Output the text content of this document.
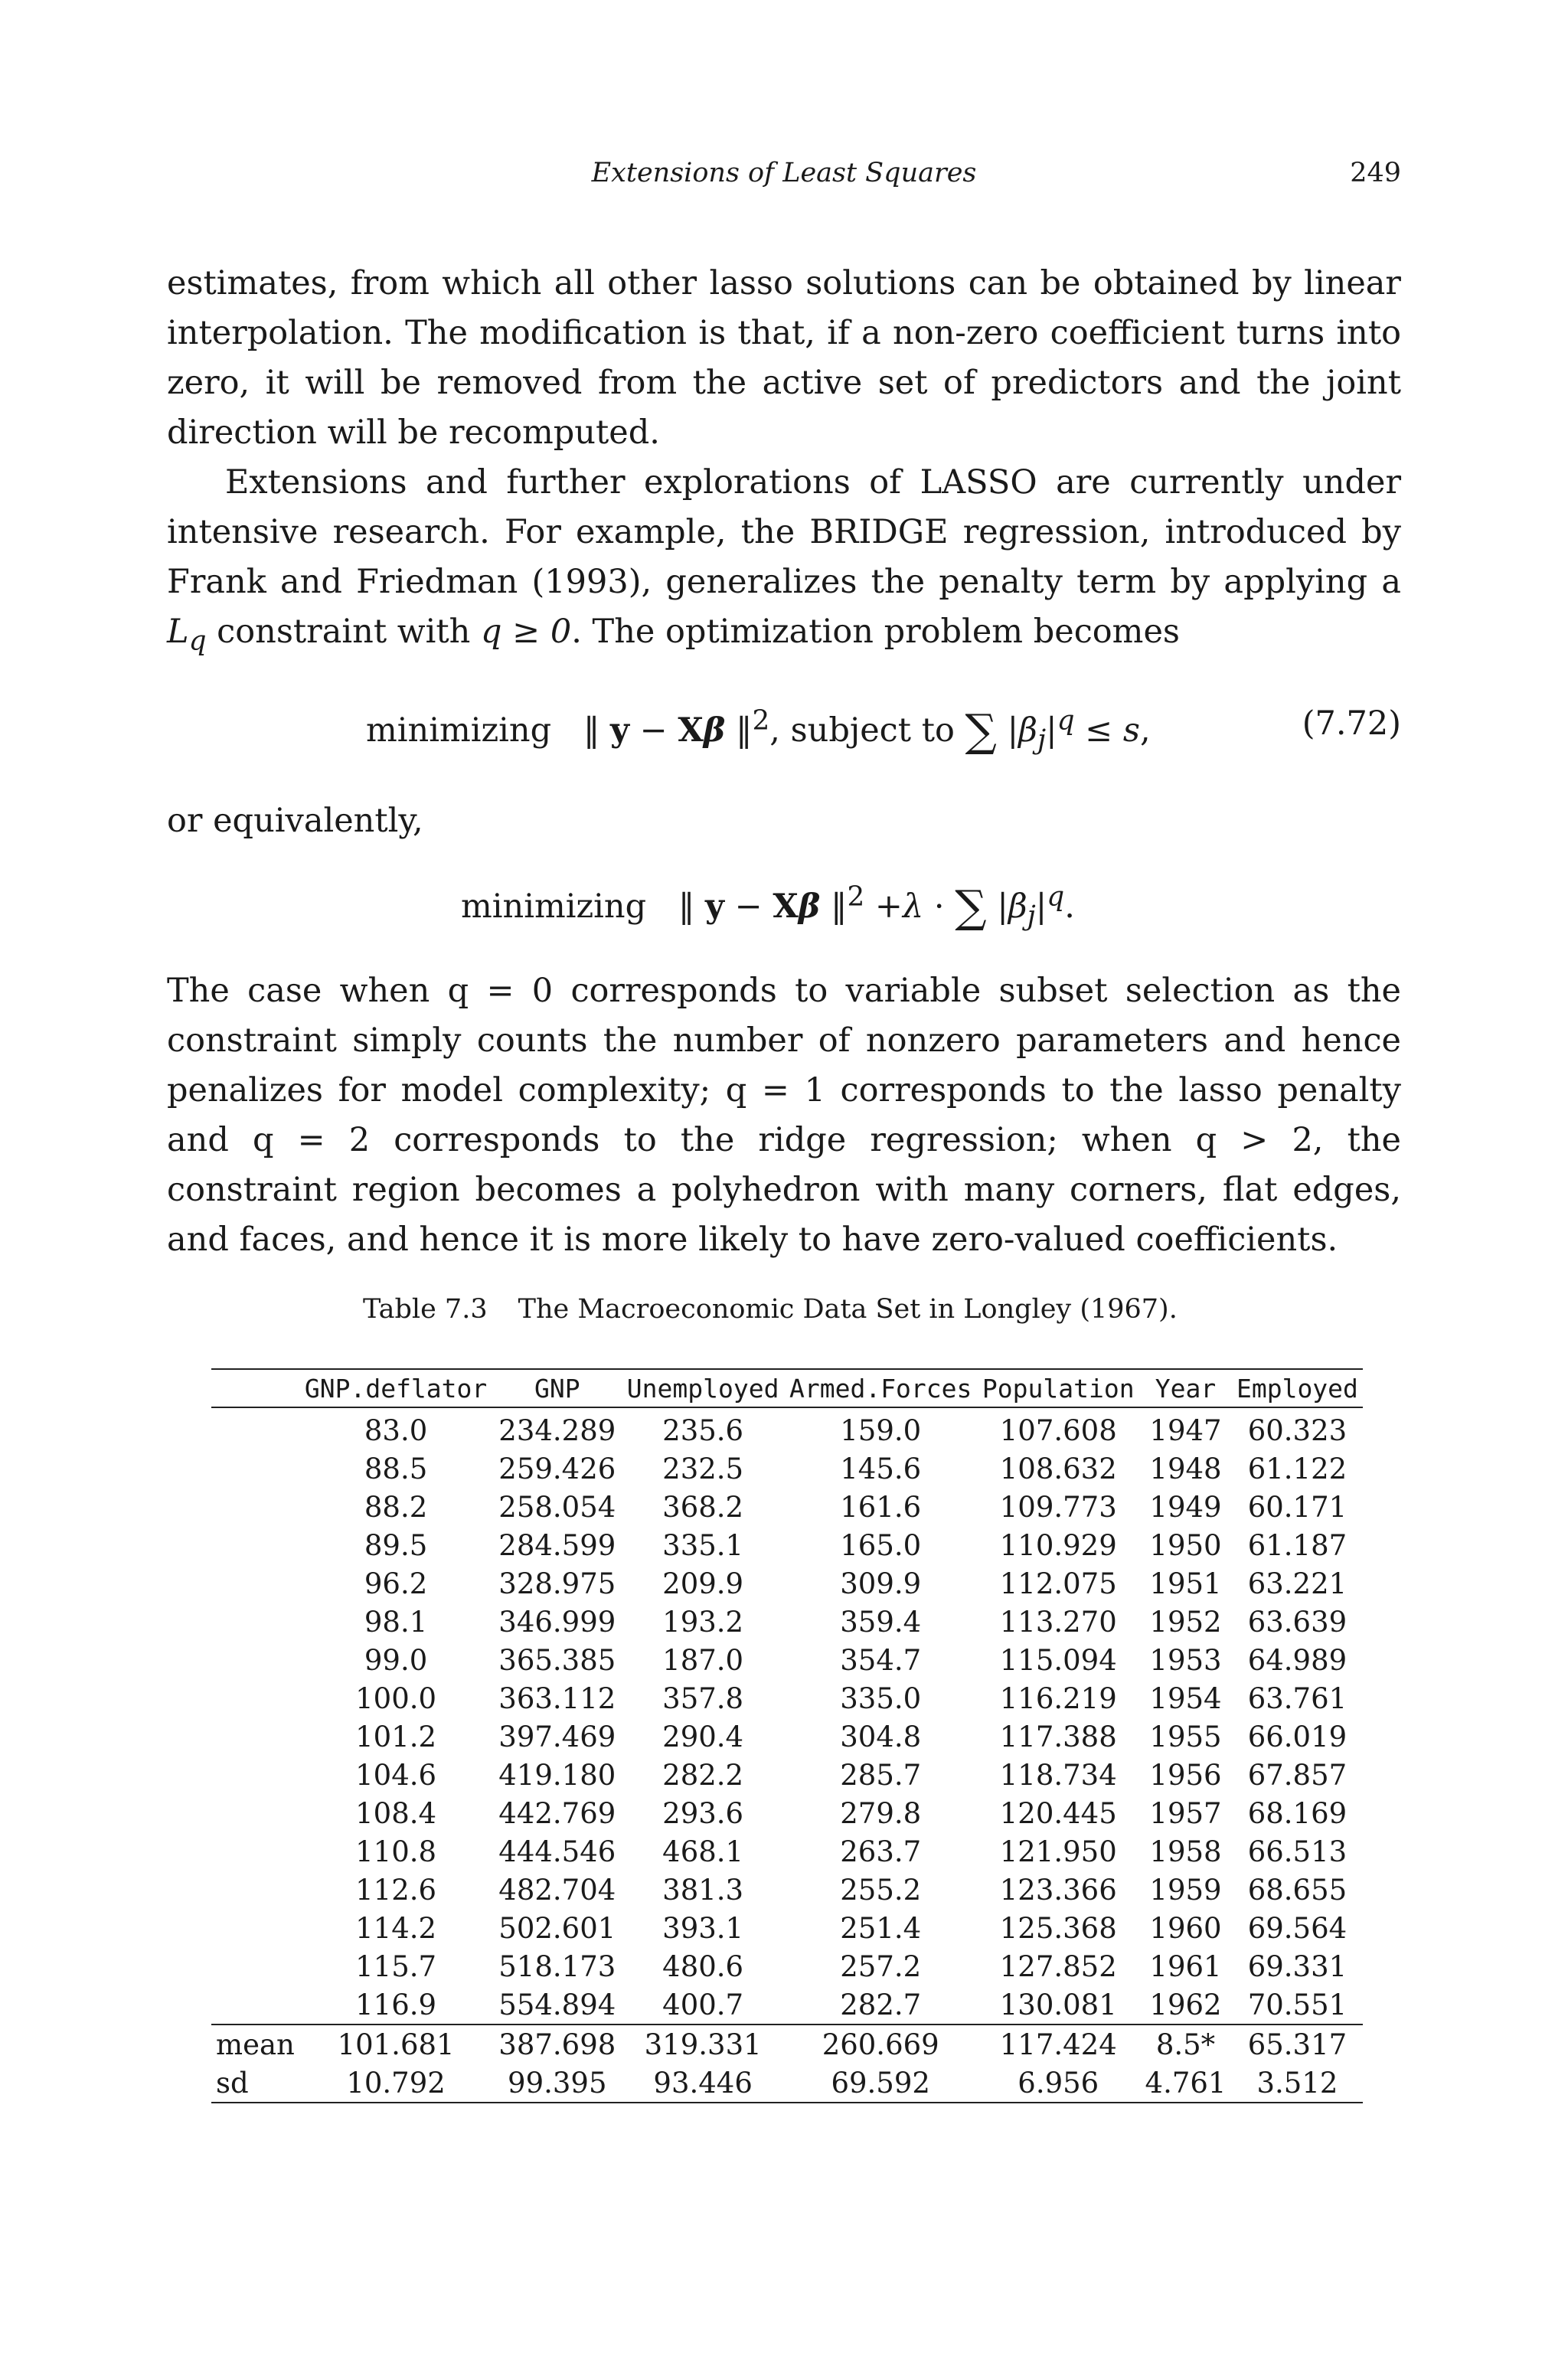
Extensions of Least Squares	249

estimates, from which all other lasso solutions can be obtained by linear interpolation. The modification is that, if a non-zero coefficient turns into zero, it will be removed from the active set of predictors and the joint direction will be recomputed.

Extensions and further explorations of LASSO are currently under intensive research. For example, the BRIDGE regression, introduced by Frank and Friedman (1993), generalizes the penalty term by applying a $L_q$ constraint with q ≥ 0. The optimization problem becomes

minimizing ‖ y − Xβ ‖$^2$, subject to ∑ $|\beta_j|^q \le s$,	(7.72)

or equivalently,

minimizing ‖ y − Xβ ‖$^2$ +λ · ∑ $|\beta_j|^q$.

The case when q = 0 corresponds to variable subset selection as the constraint simply counts the number of nonzero parameters and hence penalizes for model complexity; q = 1 corresponds to the lasso penalty and q = 2 corresponds to the ridge regression; when q > 2, the constraint region becomes a polyhedron with many corners, flat edges, and faces, and hence it is more likely to have zero-valued coefficients.

Table 7.3 The Macroeconomic Data Set in Longley (1967).
	GNP.deflator	GNP	Unemployed	Armed.Forces	Population	Year	Employed
	83.0	234.289	235.6	159.0	107.608	1947	60.323
	88.5	259.426	232.5	145.6	108.632	1948	61.122
	88.2	258.054	368.2	161.6	109.773	1949	60.171
	89.5	284.599	335.1	165.0	110.929	1950	61.187
	96.2	328.975	209.9	309.9	112.075	1951	63.221
	98.1	346.999	193.2	359.4	113.270	1952	63.639
	99.0	365.385	187.0	354.7	115.094	1953	64.989
	100.0	363.112	357.8	335.0	116.219	1954	63.761
	101.2	397.469	290.4	304.8	117.388	1955	66.019
	104.6	419.180	282.2	285.7	118.734	1956	67.857
	108.4	442.769	293.6	279.8	120.445	1957	68.169
	110.8	444.546	468.1	263.7	121.950	1958	66.513
	112.6	482.704	381.3	255.2	123.366	1959	68.655
	114.2	502.601	393.1	251.4	125.368	1960	69.564
	115.7	518.173	480.6	257.2	127.852	1961	69.331
	116.9	554.894	400.7	282.7	130.081	1962	70.551
mean	101.681	387.698	319.331	260.669	117.424	8.5*	65.317
sd	10.792	99.395	93.446	69.592	6.956	4.761	3.512
